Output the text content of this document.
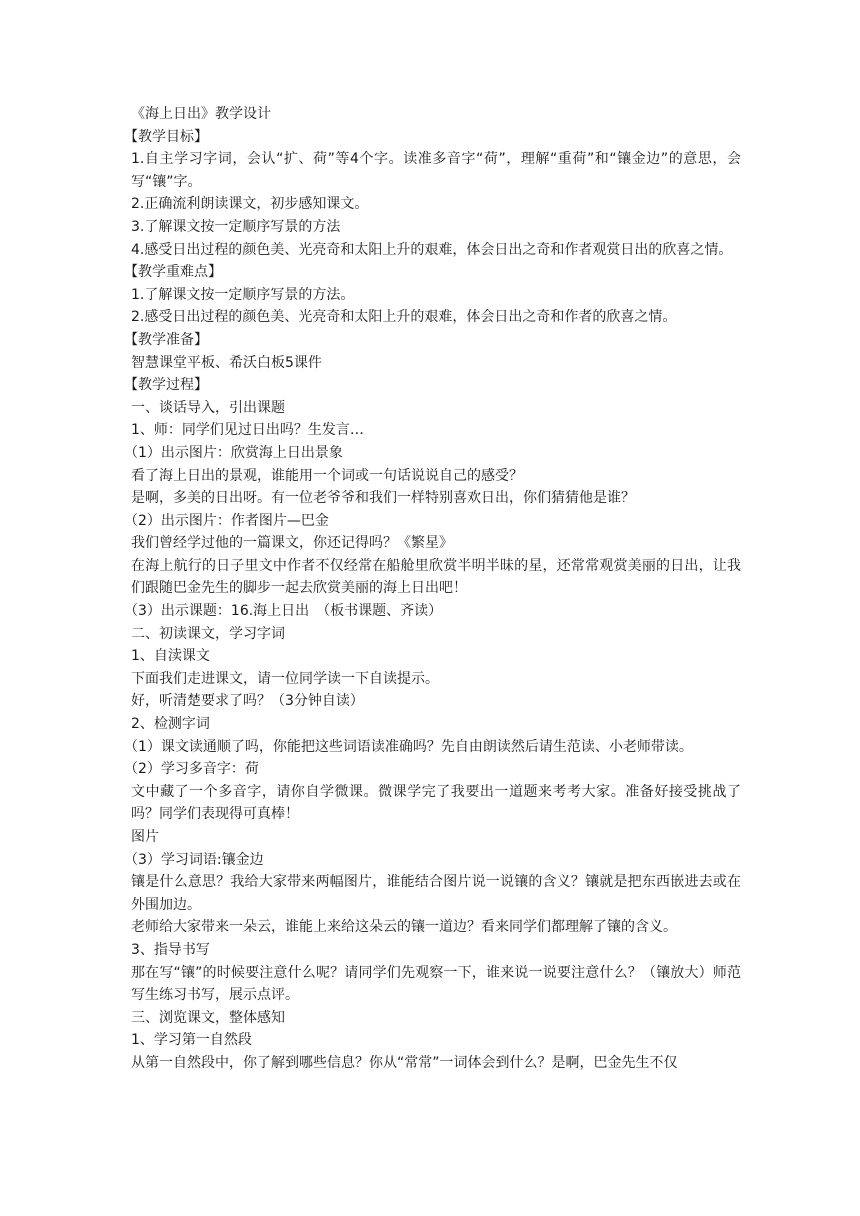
《海上日出》教学设计

【教学目标】

1.自主学习字词，会认“扩、荷”等4个字。读准多音字“荷”，理解“重荷”和“镶金边”的意思，会写“镶”字。

2.正确流利朗读课文，初步感知课文。

3.了解课文按一定顺序写景的方法

4.感受日出过程的颜色美、光亮奇和太阳上升的艰难，体会日出之奇和作者观赏日出的欣喜之情。

【教学重难点】

1.了解课文按一定顺序写景的方法。

2.感受日出过程的颜色美、光亮奇和太阳上升的艰难，体会日出之奇和作者的欣喜之情。

【教学准备】

智慧课堂平板、希沃白板5课件

【教学过程】

一、谈话导入，引出课题

1、师：同学们见过日出吗？生发言…

（1）出示图片：欣赏海上日出景象

看了海上日出的景观，谁能用一个词或一句话说说自己的感受？

是啊，多美的日出呀。有一位老爷爷和我们一样特别喜欢日出，你们猜猜他是谁？

（2）出示图片：作者图片—巴金

我们曾经学过他的一篇课文，你还记得吗？《繁星》

在海上航行的日子里文中作者不仅经常在船舱里欣赏半明半昧的星，还常常观赏美丽的日出，让我们跟随巴金先生的脚步一起去欣赏美丽的海上日出吧！

（3）出示课题：16.海上日出　（板书课题、齐读）

二、初读课文，学习字词

1、自渎课文

下面我们走进课文，请一位同学读一下自读提示。

好，听清楚要求了吗？（3分钟自读）

2、检测字词

（1）课文读通顺了吗，你能把这些词语读准确吗？先自由朗读然后请生范读、小老师带读。

（2）学习多音字：荷

文中藏了一个多音字，请你自学微课。微课学完了我要出一道题来考考大家。准备好接受挑战了吗？同学们表现得可真棒！

图片

（3）学习词语:镶金边

镶是什么意思？我给大家带来两幅图片，谁能结合图片说一说镶的含义？镶就是把东西嵌进去或在外围加边。

老师给大家带来一朵云，谁能上来给这朵云的镶一道边？看来同学们都理解了镶的含义。

3、指导书写

那在写“镶”的时候要注意什么呢？请同学们先观察一下，谁来说一说要注意什么？（镶放大）师范写生练习书写，展示点评。

三、浏览课文，整体感知

1、学习第一自然段

从第一自然段中，你了解到哪些信息？你从“常常”一词体会到什么？是啊，巴金先生不仅
